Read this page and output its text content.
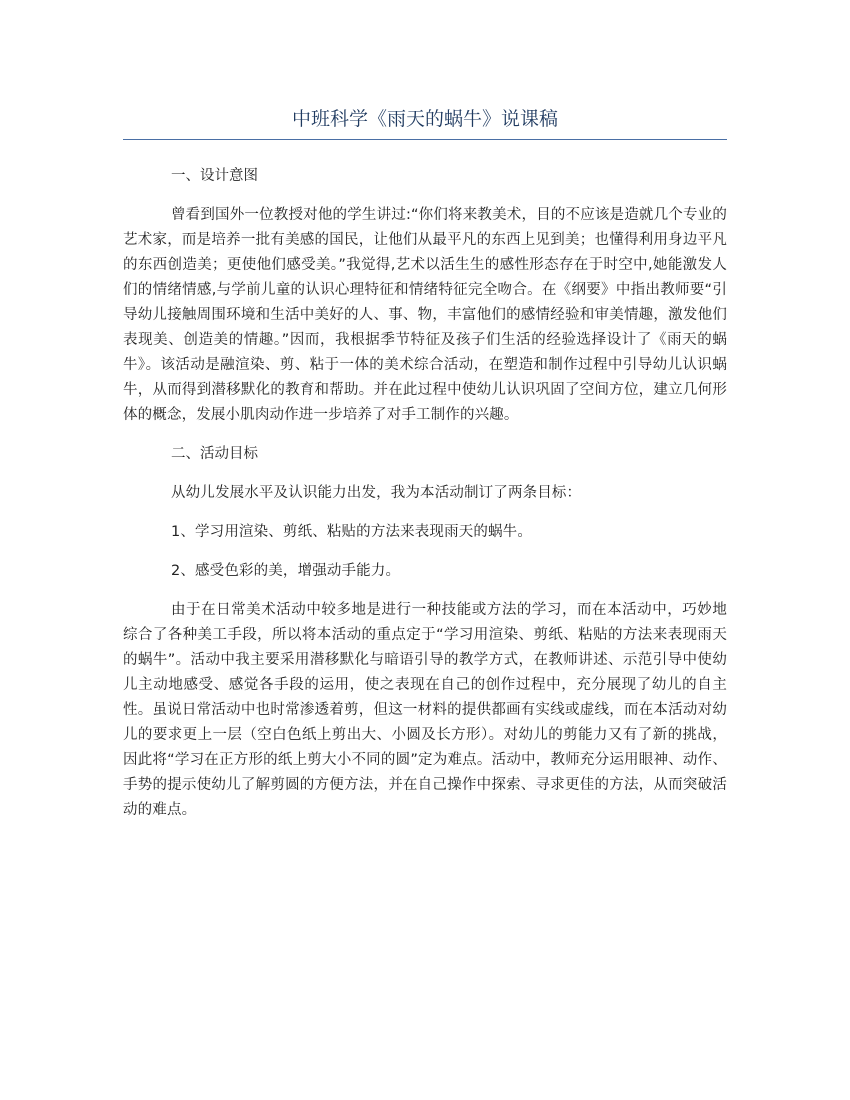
中班科学《雨天的蜗牛》说课稿

一、设计意图

曾看到国外一位教授对他的学生讲过:“你们将来教美术，目的不应该是造就几个专业的艺术家，而是培养一批有美感的国民，让他们从最平凡的东西上见到美；也懂得利用身边平凡的东西创造美；更使他们感受美。”我觉得,艺术以活生生的感性形态存在于时空中,她能激发人们的情绪情感,与学前儿童的认识心理特征和情绪特征完全吻合。在《纲要》中指出教师要“引导幼儿接触周围环境和生活中美好的人、事、物，丰富他们的感情经验和审美情趣，激发他们表现美、创造美的情趣。”因而，我根据季节特征及孩子们生活的经验选择设计了《雨天的蜗牛》。该活动是融渲染、剪、粘于一体的美术综合活动，在塑造和制作过程中引导幼儿认识蜗牛，从而得到潜移默化的教育和帮助。并在此过程中使幼儿认识巩固了空间方位，建立几何形体的概念，发展小肌肉动作进一步培养了对手工制作的兴趣。

二、活动目标

从幼儿发展水平及认识能力出发，我为本活动制订了两条目标：

1、学习用渲染、剪纸、粘贴的方法来表现雨天的蜗牛。

2、感受色彩的美，增强动手能力。

由于在日常美术活动中较多地是进行一种技能或方法的学习，而在本活动中，巧妙地综合了各种美工手段，所以将本活动的重点定于“学习用渲染、剪纸、粘贴的方法来表现雨天的蜗牛”。活动中我主要采用潜移默化与暗语引导的教学方式，在教师讲述、示范引导中使幼儿主动地感受、感觉各手段的运用，使之表现在自己的创作过程中，充分展现了幼儿的自主性。虽说日常活动中也时常渗透着剪，但这一材料的提供都画有实线或虚线，而在本活动对幼儿的要求更上一层（空白色纸上剪出大、小圆及长方形）。对幼儿的剪能力又有了新的挑战，因此将“学习在正方形的纸上剪大小不同的圆”定为难点。活动中，教师充分运用眼神、动作、手势的提示使幼儿了解剪圆的方便方法，并在自己操作中探索、寻求更佳的方法，从而突破活动的难点。
